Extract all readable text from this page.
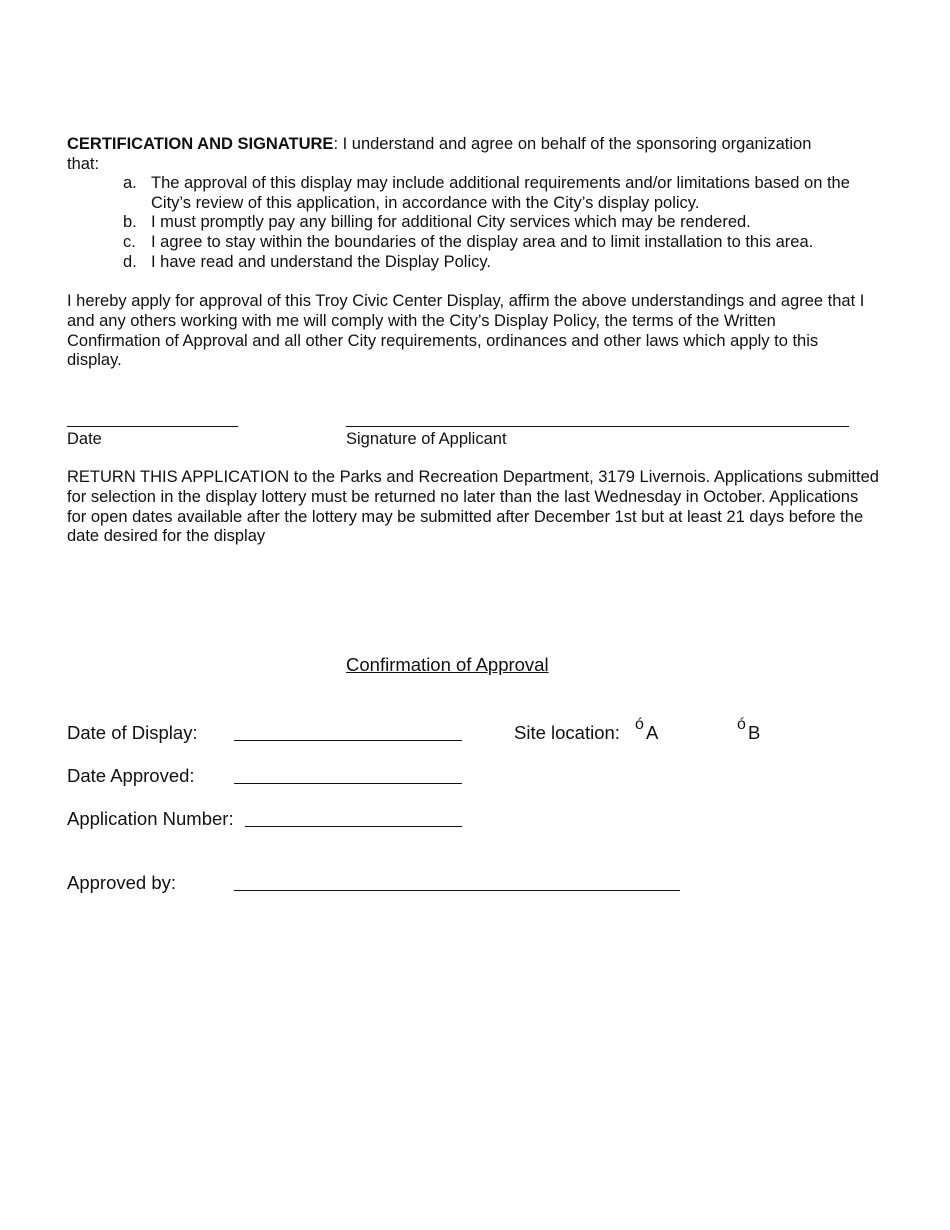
CERTIFICATION AND SIGNATURE: I understand and agree on behalf of the sponsoring organization
that:
a. The approval of this display may include additional requirements and/or limitations based on the City’s review of this application, in accordance with the City’s display policy.
b. I must promptly pay any billing for additional City services which may be rendered.
c. I agree to stay within the boundaries of the display area and to limit installation to this area.
d. I have read and understand the Display Policy.
I hereby apply for approval of this Troy Civic Center Display, affirm the above understandings and agree that I and any others working with me will comply with the City’s Display Policy, the terms of the Written Confirmation of Approval and all other City requirements, ordinances and other laws which apply to this display.
Date	Signature of Applicant
RETURN THIS APPLICATION to the Parks and Recreation Department, 3179 Livernois. Applications submitted for selection in the display lottery must be returned no later than the last Wednesday in October. Applications for open dates available after the lottery may be submitted after December 1st but at least 21 days before the date desired for the display
Confirmation of Approval
Date of Display:	Site location: ó A	ó B
Date Approved:
Application Number:
Approved by:
